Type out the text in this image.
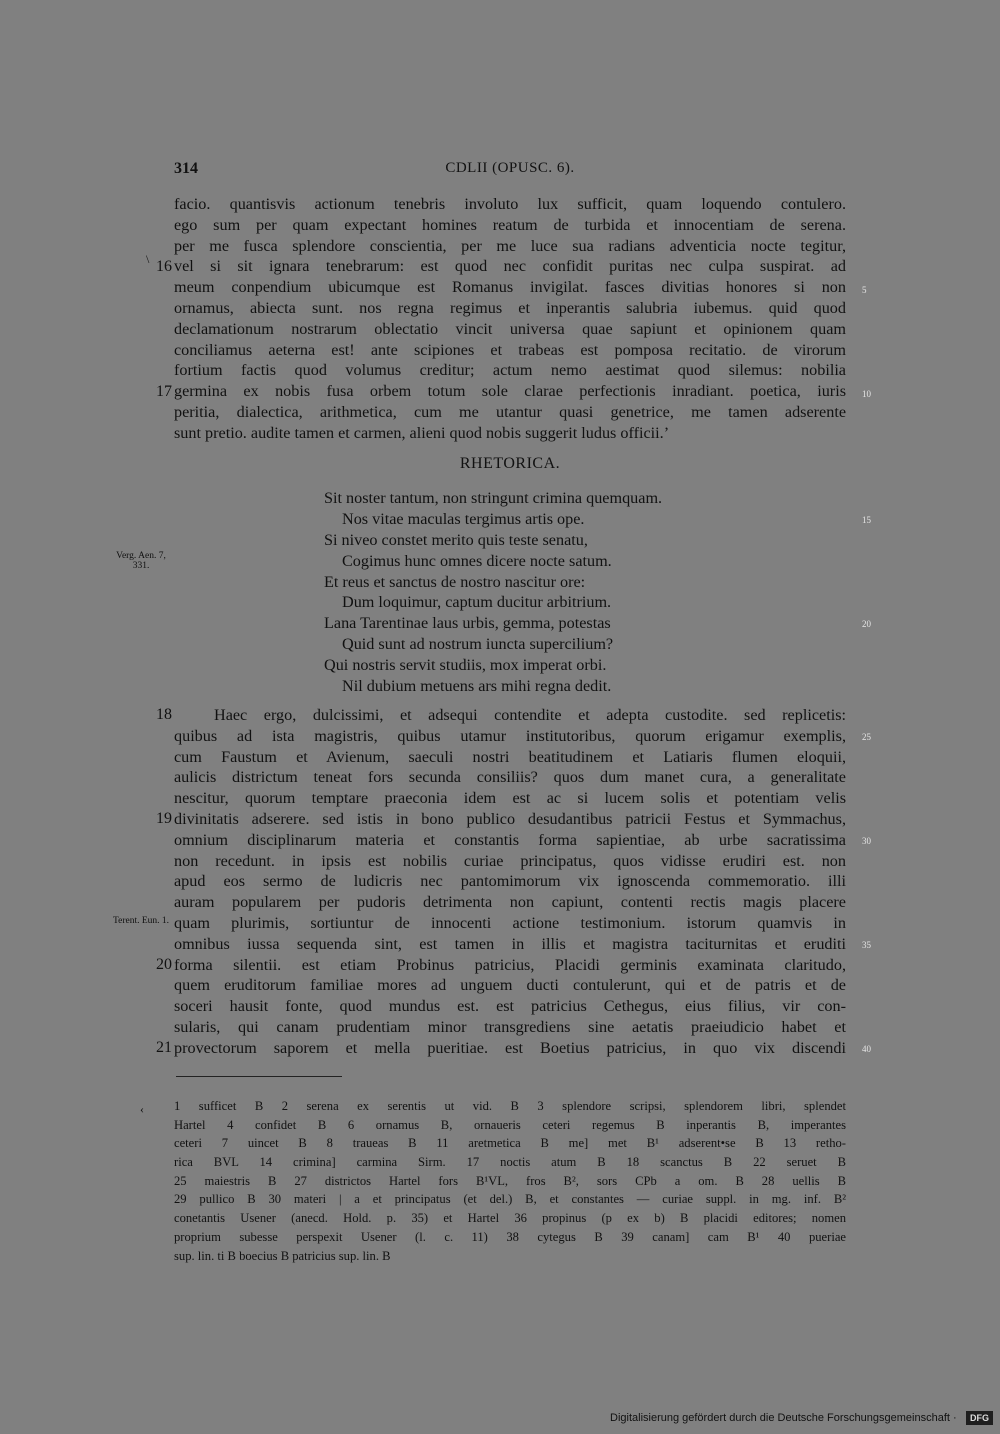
314	CDLII (OPUSC. 6).
\
facio. quantisvis actionum tenebris involuto lux sufficit, quam loquendo contulero.
ego sum per quam expectant homines reatum de turbida et innocentiam de serena.
per me fusca splendore conscientia, per me luce sua radians adventicia nocte tegitur,
vel si sit ignara tenebrarum: est quod nec confidit puritas nec culpa suspirat. ad
meum conpendium ubicumque est Romanus invigilat. fasces divitias honores si non
ornamus, abiecta sunt. nos regna regimus et inperantis salubria iubemus. quid quod
declamationum nostrarum oblectatio vincit universa quae sapiunt et opinionem quam
conciliamus aeterna est! ante scipiones et trabeas est pomposa recitatio. de virorum
fortium factis quod volumus creditur; actum nemo aestimat quod silemus: nobilia
germina ex nobis fusa orbem totum sole clarae perfectionis inradiant. poetica, iuris
peritia, dialectica, arithmetica, cum me utantur quasi genetrice, me tamen adserente
sunt pretio. audite tamen et carmen, alieni quod nobis suggerit ludus officii.’
RHETORICA.
Sit noster tantum, non stringunt crimina quemquam.
Nos vitae maculas tergimus artis ope.
Si niveo constet merito quis teste senatu,
Cogimus hunc omnes dicere nocte satum.
Et reus et sanctus de nostro nascitur ore:
Dum loquimur, captum ducitur arbitrium.
Lana Tarentinae laus urbis, gemma, potestas
Quid sunt ad nostrum iuncta supercilium?
Qui nostris servit studiis, mox imperat orbi.
Nil dubium metuens ars mihi regna dedit.
Haec ergo, dulcissimi, et adsequi contendite et adepta custodite. sed replicetis:
quibus ad ista magistris, quibus utamur institutoribus, quorum erigamur exemplis,
cum Faustum et Avienum, saeculi nostri beatitudinem et Latiaris flumen eloquii,
aulicis districtum teneat fors secunda consiliis? quos dum manet cura, a generalitate
nescitur, quorum temptare praeconia idem est ac si lucem solis et potentiam velis
divinitatis adserere. sed istis in bono publico desudantibus patricii Festus et Symmachus,
omnium disciplinarum materia et constantis forma sapientiae, ab urbe sacratissima
non recedunt. in ipsis est nobilis curiae principatus, quos vidisse erudiri est. non
apud eos sermo de ludicris nec pantomimorum vix ignoscenda commemoratio. illi
auram popularem per pudoris detrimenta non capiunt, contenti rectis magis placere
quam plurimis, sortiuntur de innocenti actione testimonium. istorum quamvis in
omnibus iussa sequenda sint, est tamen in illis et magistra taciturnitas et eruditi
forma silentii. est etiam Probinus patricius, Placidi germinis examinata claritudo,
quem eruditorum familiae mores ad unguem ducti contulerunt, qui et de patris et de
soceri hausit fonte, quod mundus est. est patricius Cethegus, eius filius, vir con-
sularis, qui canam prudentiam minor transgrediens sine aetatis praeiudicio habet et
provectorum saporem et mella pueritiae. est Boetius patricius, in quo vix discendi
16
17
18
19
20
21
5
10
15
20
25
30
35
40
Verg. Aen. 7, 331.
Terent. Eun. 1.
‹ 1 sufficet B 2 serena ex serentis ut vid. B 3 splendore scripsi, splendorem libri, splendet
Hartel 4 confidet B 6 ornamus B, ornaueris ceteri regemus B inperantis B, imperantes
ceteri 7 uincet B 8 traueas B 11 aretmetica B me] met B¹ adserent•se B 13 retho-
rica BVL 14 crimina] carmina Sirm. 17 noctis atum B 18 scanctus B 22 seruet B
25 maiestris B 27 districtos Hartel fors B¹VL, fros B², sors CPb a om. B 28 uellis B
29 pullico B 30 materi | a et principatus (et del.) B, et constantes — curiae suppl. in mg. inf. B²
conetantis Usener (anecd. Hold. p. 35) et Hartel 36 propinus (p ex b) B placidi editores; nomen
proprium subesse perspexit Usener (l. c. 11) 38 cytegus B 39 canam] cam B¹ 40 pueriae
sup. lin. ti B boecius B patricius sup. lin. B
Digitalisierung gefördert durch die Deutsche Forschungsgemeinschaft ·	DFG
